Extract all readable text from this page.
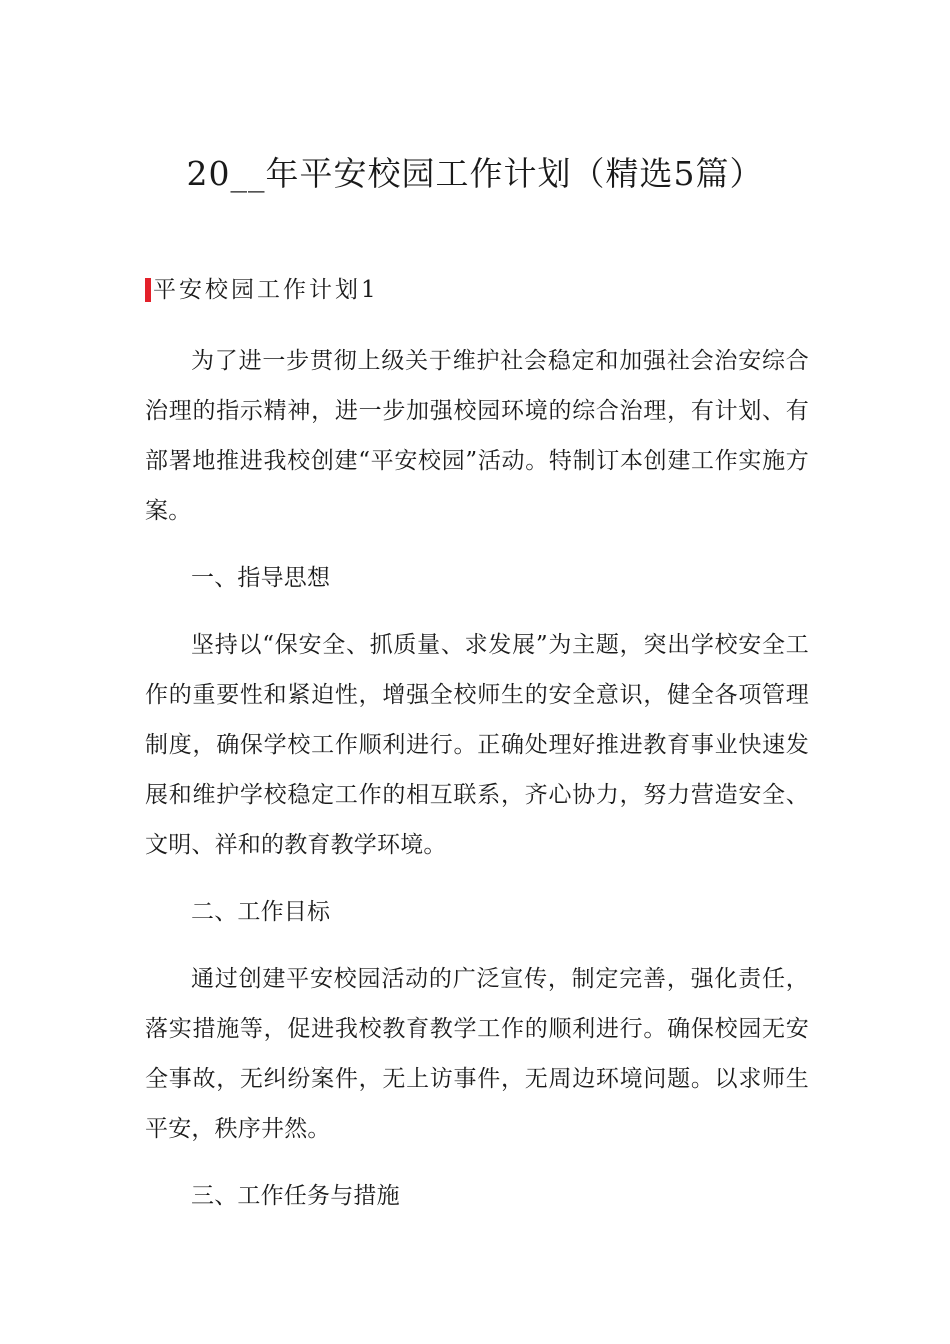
20__年平安校园工作计划（精选5篇）
平安校园工作计划1

为了进一步贯彻上级关于维护社会稳定和加强社会治安综合治理的指示精神，进一步加强校园环境的综合治理，有计划、有部署地推进我校创建“平安校园”活动。特制订本创建工作实施方案。

一、指导思想

坚持以“保安全、抓质量、求发展”为主题，突出学校安全工作的重要性和紧迫性，增强全校师生的安全意识，健全各项管理制度，确保学校工作顺利进行。正确处理好推进教育事业快速发展和维护学校稳定工作的相互联系，齐心协力，努力营造安全、文明、祥和的教育教学环境。

二、工作目标

通过创建平安校园活动的广泛宣传，制定完善，强化责任，落实措施等，促进我校教育教学工作的顺利进行。确保校园无安全事故，无纠纷案件，无上访事件，无周边环境问题。以求师生平安，秩序井然。

三、工作任务与措施
